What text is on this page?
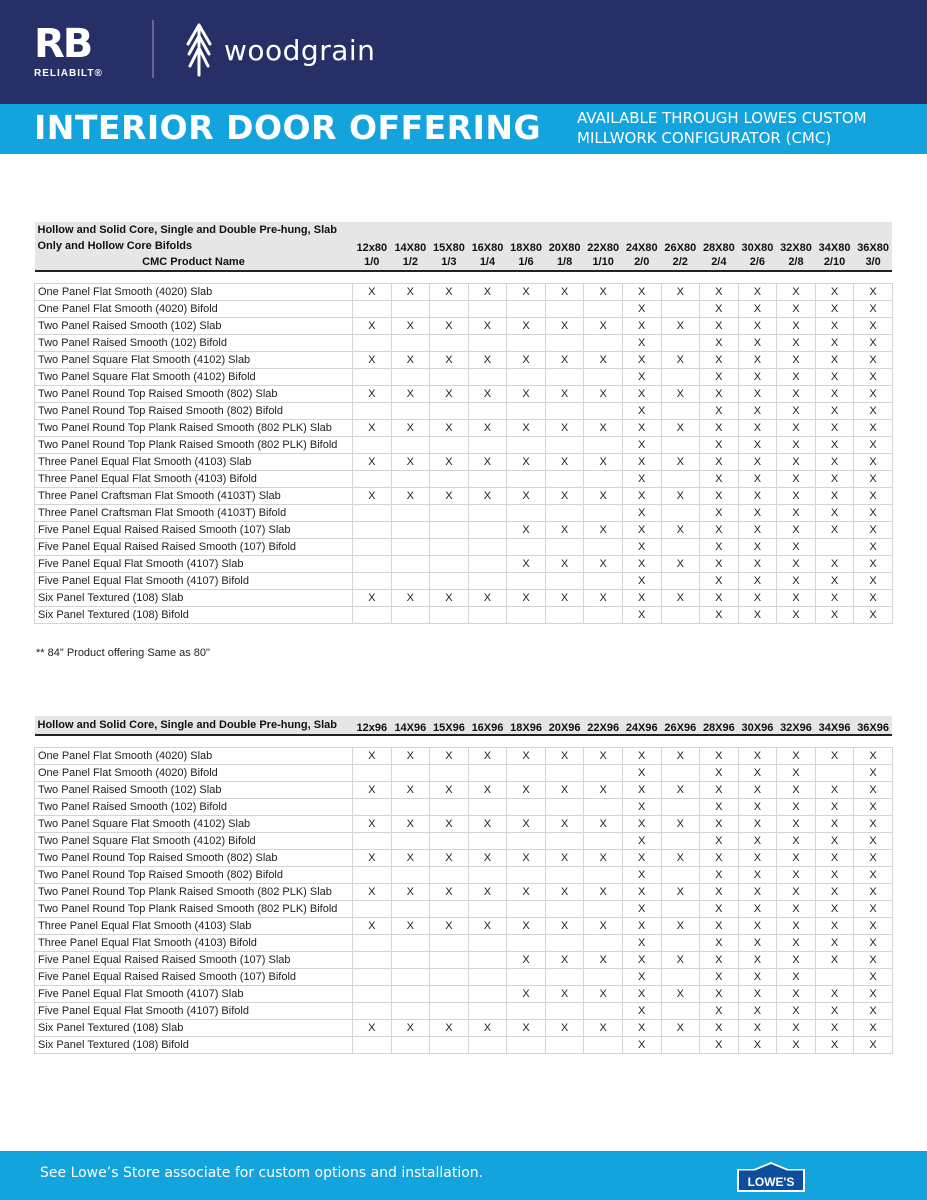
RB
RELIABILT®
woodgrain
INTERIOR DOOR OFFERING AVAILABLE THROUGH LOWES CUSTOM
MILLWORK CONFIGURATOR (CMC)
Hollow and Solid Core, Single and Double Pre-hung, Slab
Only and Hollow Core Bifolds	12x80	14X80	15X80	16X80	18X80	20X80	22X80	24X80	26X80	28X80	30X80	32X80	34X80	36X80
CMC Product Name	1/0	1/2	1/3	1/4	1/6	1/8	1/10	2/0	2/2	2/4	2/6	2/8	2/10	3/0

One Panel Flat Smooth (4020) Slab	X	X	X	X	X	X	X	X	X	X	X	X	X	X
One Panel Flat Smooth (4020) Bifold								X		X	X	X	X	X
Two Panel Raised Smooth (102) Slab	X	X	X	X	X	X	X	X	X	X	X	X	X	X
Two Panel Raised Smooth (102) Bifold								X		X	X	X	X	X
Two Panel Square Flat Smooth (4102) Slab	X	X	X	X	X	X	X	X	X	X	X	X	X	X
Two Panel Square Flat Smooth (4102) Bifold								X		X	X	X	X	X
Two Panel Round Top Raised Smooth (802) Slab	X	X	X	X	X	X	X	X	X	X	X	X	X	X
Two Panel Round Top Raised Smooth (802) Bifold								X		X	X	X	X	X
Two Panel Round Top Plank Raised Smooth (802 PLK) Slab	X	X	X	X	X	X	X	X	X	X	X	X	X	X
Two Panel Round Top Plank Raised Smooth (802 PLK) Bifold								X		X	X	X	X	X
Three Panel Equal Flat Smooth (4103) Slab	X	X	X	X	X	X	X	X	X	X	X	X	X	X
Three Panel Equal Flat Smooth (4103) Bifold								X		X	X	X	X	X
Three Panel Craftsman Flat Smooth (4103T) Slab	X	X	X	X	X	X	X	X	X	X	X	X	X	X
Three Panel Craftsman Flat Smooth (4103T) Bifold								X		X	X	X	X	X
Five Panel Equal Raised Raised Smooth (107) Slab					X	X	X	X	X	X	X	X	X	X
Five Panel Equal Raised Raised Smooth (107) Bifold								X		X	X	X		X
Five Panel Equal Flat Smooth (4107) Slab					X	X	X	X	X	X	X	X	X	X
Five Panel Equal Flat Smooth (4107) Bifold								X		X	X	X	X	X
Six Panel Textured (108) Slab	X	X	X	X	X	X	X	X	X	X	X	X	X	X
Six Panel Textured (108) Bifold								X		X	X	X	X	X
** 84" Product offering Same as 80"
Hollow and Solid Core, Single and Double Pre-hung, Slab	12x96	14X96	15X96	16X96	18X96	20X96	22X96	24X96	26X96	28X96	30X96	32X96	34X96	36X96

One Panel Flat Smooth (4020) Slab	X	X	X	X	X	X	X	X	X	X	X	X	X	X
One Panel Flat Smooth (4020) Bifold								X		X	X	X		X
Two Panel Raised Smooth (102) Slab	X	X	X	X	X	X	X	X	X	X	X	X	X	X
Two Panel Raised Smooth (102) Bifold								X		X	X	X	X	X
Two Panel Square Flat Smooth (4102) Slab	X	X	X	X	X	X	X	X	X	X	X	X	X	X
Two Panel Square Flat Smooth (4102) Bifold								X		X	X	X	X	X
Two Panel Round Top Raised Smooth (802) Slab	X	X	X	X	X	X	X	X	X	X	X	X	X	X
Two Panel Round Top Raised Smooth (802) Bifold								X		X	X	X	X	X
Two Panel Round Top Plank Raised Smooth (802 PLK) Slab	X	X	X	X	X	X	X	X	X	X	X	X	X	X
Two Panel Round Top Plank Raised Smooth (802 PLK) Bifold								X		X	X	X	X	X
Three Panel Equal Flat Smooth (4103) Slab	X	X	X	X	X	X	X	X	X	X	X	X	X	X
Three Panel Equal Flat Smooth (4103) Bifold								X		X	X	X	X	X
Five Panel Equal Raised Raised Smooth (107) Slab					X	X	X	X	X	X	X	X	X	X
Five Panel Equal Raised Raised Smooth (107) Bifold								X		X	X	X		X
Five Panel Equal Flat Smooth (4107) Slab					X	X	X	X	X	X	X	X	X	X
Five Panel Equal Flat Smooth (4107) Bifold								X		X	X	X	X	X
Six Panel Textured (108) Slab	X	X	X	X	X	X	X	X	X	X	X	X	X	X
Six Panel Textured (108) Bifold								X		X	X	X	X	X
See Lowe’s Store associate for custom options and installation.
LOWE'S
